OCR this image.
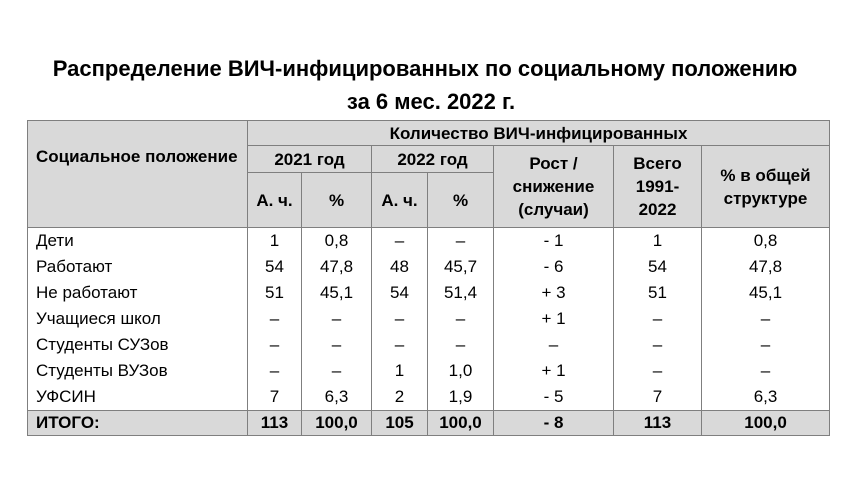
Распределение ВИЧ-инфицированных по социальному положению
за 6 мес. 2022 г.
Социальное положение	Количество ВИЧ-инфицированных						
	2021 год		2022 год		Рост / снижение (случаи)	Всего 1991-2022	% в общей структуре
	А. ч.	%	А. ч.	%			
Дети	1	0,8	–	–	- 1	1	0,8
Работают	54	47,8	48	45,7	- 6	54	47,8
Не работают	51	45,1	54	51,4	+ 3	51	45,1
Учащиеся школ	–	–	–	–	+ 1	–	–
Студенты СУЗов	–	–	–	–	–	–	–
Студенты ВУЗов	–	–	1	1,0	+ 1	–	–
УФСИН	7	6,3	2	1,9	- 5	7	6,3
ИТОГО:	113	100,0	105	100,0	- 8	113	100,0
